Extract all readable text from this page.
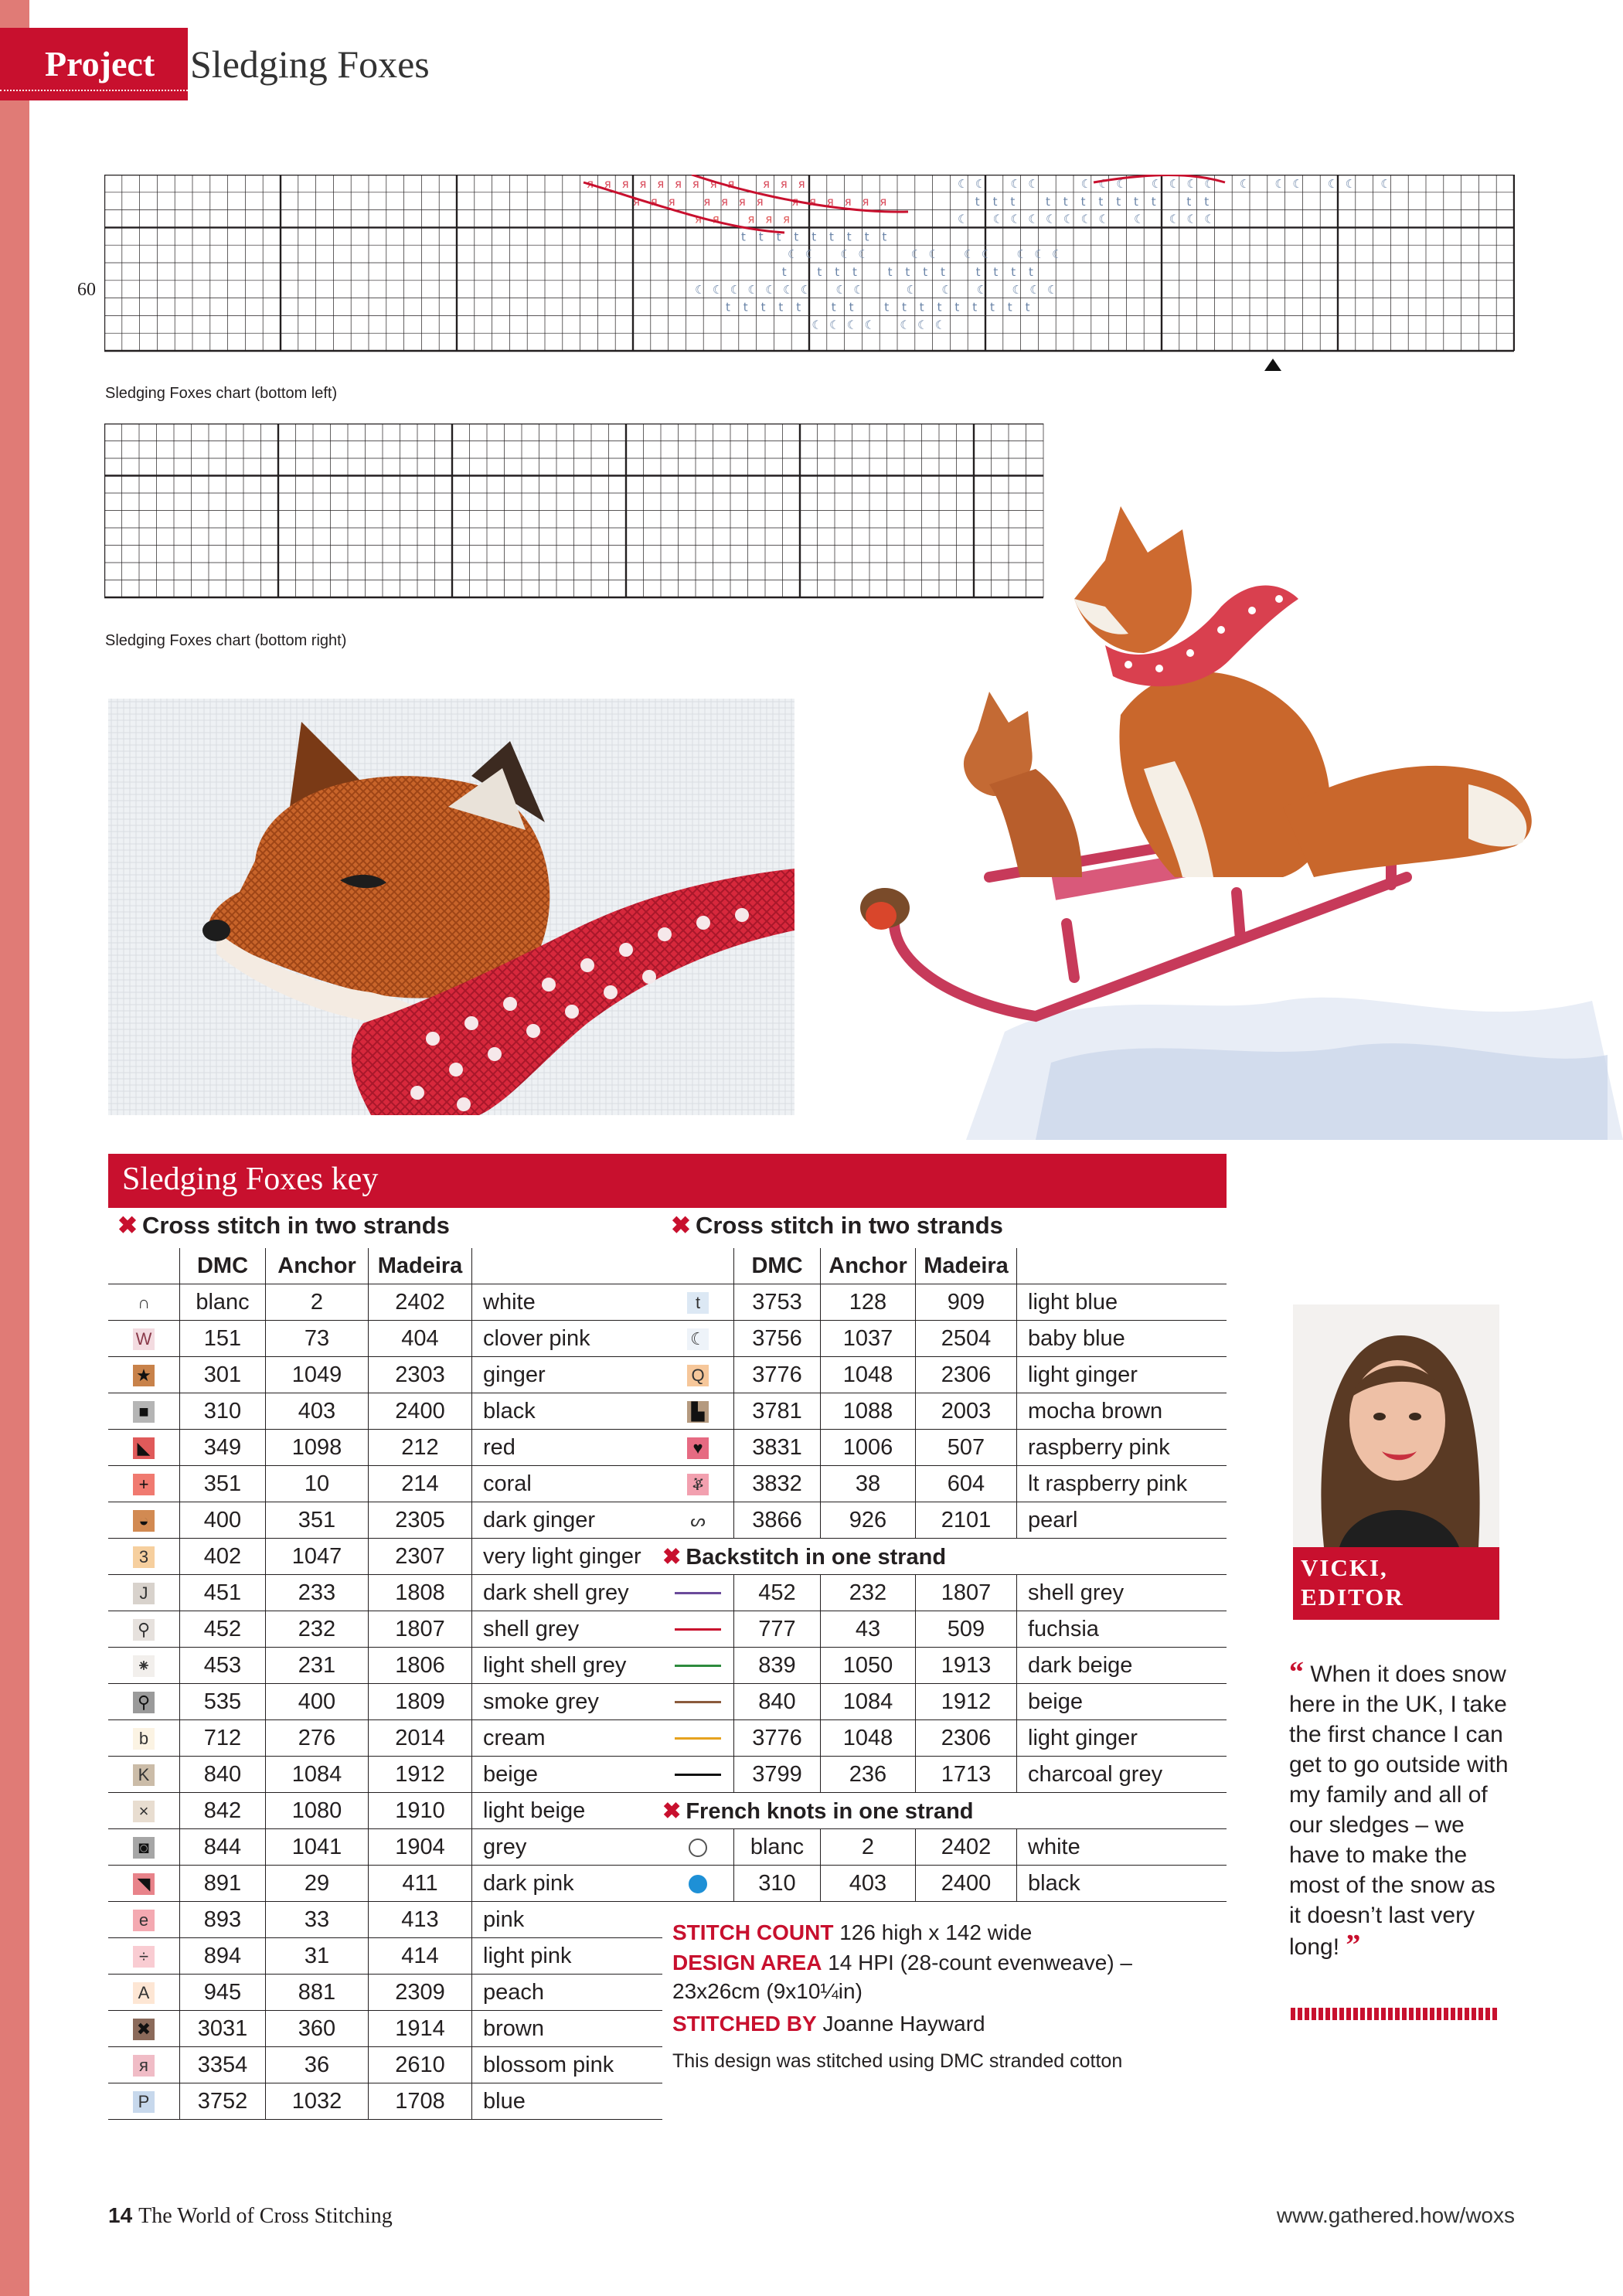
Project Sledging Foxes
я я я я я я я я я я я я
я я я я я я я я я я я я я
я я я я я
t t t t t t t t t
☾ ☾ ☾ ☾	☾ ☾ ☾ ☾ ☾ ☾ ☾
t	t t t	t t t t	t t t t
☾ ☾ ☾ ☾ ☾ ☾ ☾ ☾ ☾	☾ ☾ ☾ ☾ ☾ ☾
t t t t t	t t	t t t t t t t t t
☾ ☾ ☾ ☾ ☾ ☾ ☾
☾ ☾ ☾ ☾	☾ ☾ ☾ ☾ ☾ ☾ ☾ ☾ ☾ ☾ ☾ ☾ ☾
t t t	t t t t t t t	t t
☾ ☾ ☾ ☾ ☾ ☾ ☾ ☾ ☾ ☾ ☾ ☾
60
Sledging Foxes chart (bottom left)
Sledging Foxes chart (bottom right)
Sledging Foxes key
✖ Cross stitch in two strands	✖ Cross stitch in two strands
	DMC	Anchor	Madeira	
∩	blanc	2	2402	white
W	151	73	404	clover pink
★	301	1049	2303	ginger
■	310	403	2400	black
◣	349	1098	212	red
+	351	10	214	coral
◒	400	351	2305	dark ginger
3	402	1047	2307	very light ginger
J	451	233	1808	dark shell grey
⚲	452	232	1807	shell grey
⁕	453	231	1806	light shell grey
⚲	535	400	1809	smoke grey
b	712	276	2014	cream
K	840	1084	1912	beige
×	842	1080	1910	light beige
◙	844	1041	1904	grey
◥	891	29	411	dark pink
e	893	33	413	pink
÷	894	31	414	light pink
A	945	881	2309	peach
✖	3031	360	1914	brown
я	3354	36	2610	blossom pink
P	3752	1032	1708	blue
	DMC	Anchor	Madeira	
t	3753	128	909	light blue
☾	3756	1037	2504	baby blue
Q	3776	1048	2306	light ginger
▙	3781	1088	2003	mocha brown
♥	3831	1006	507	raspberry pink
ቖ	3832	38	604	lt raspberry pink
ᔕ	3866	926	2101	pearl
✖ Backstitch in one strand				
	452	232	1807	shell grey
	777	43	509	fuchsia
	839	1050	1913	dark beige
	840	1084	1912	beige
	3776	1048	2306	light ginger
	3799	236	1713	charcoal grey
✖ French knots in one strand				
	blanc	2	2402	white
	310	403	2400	black
STITCH COUNT 126 high x 142 wide
DESIGN AREA 14 HPI (28-count evenweave) –
23x26cm (9x10¼in)
STITCHED BY Joanne Hayward
This design was stitched using DMC stranded cotton
VICKI,
EDITOR
“ When it does snow here in the UK, I take the first chance I can get to go outside with my family and all of our sledges – we have to make the most of the snow as it doesn’t last very long! ”
14 The World of Cross Stitching	www.gathered.how/woxs
